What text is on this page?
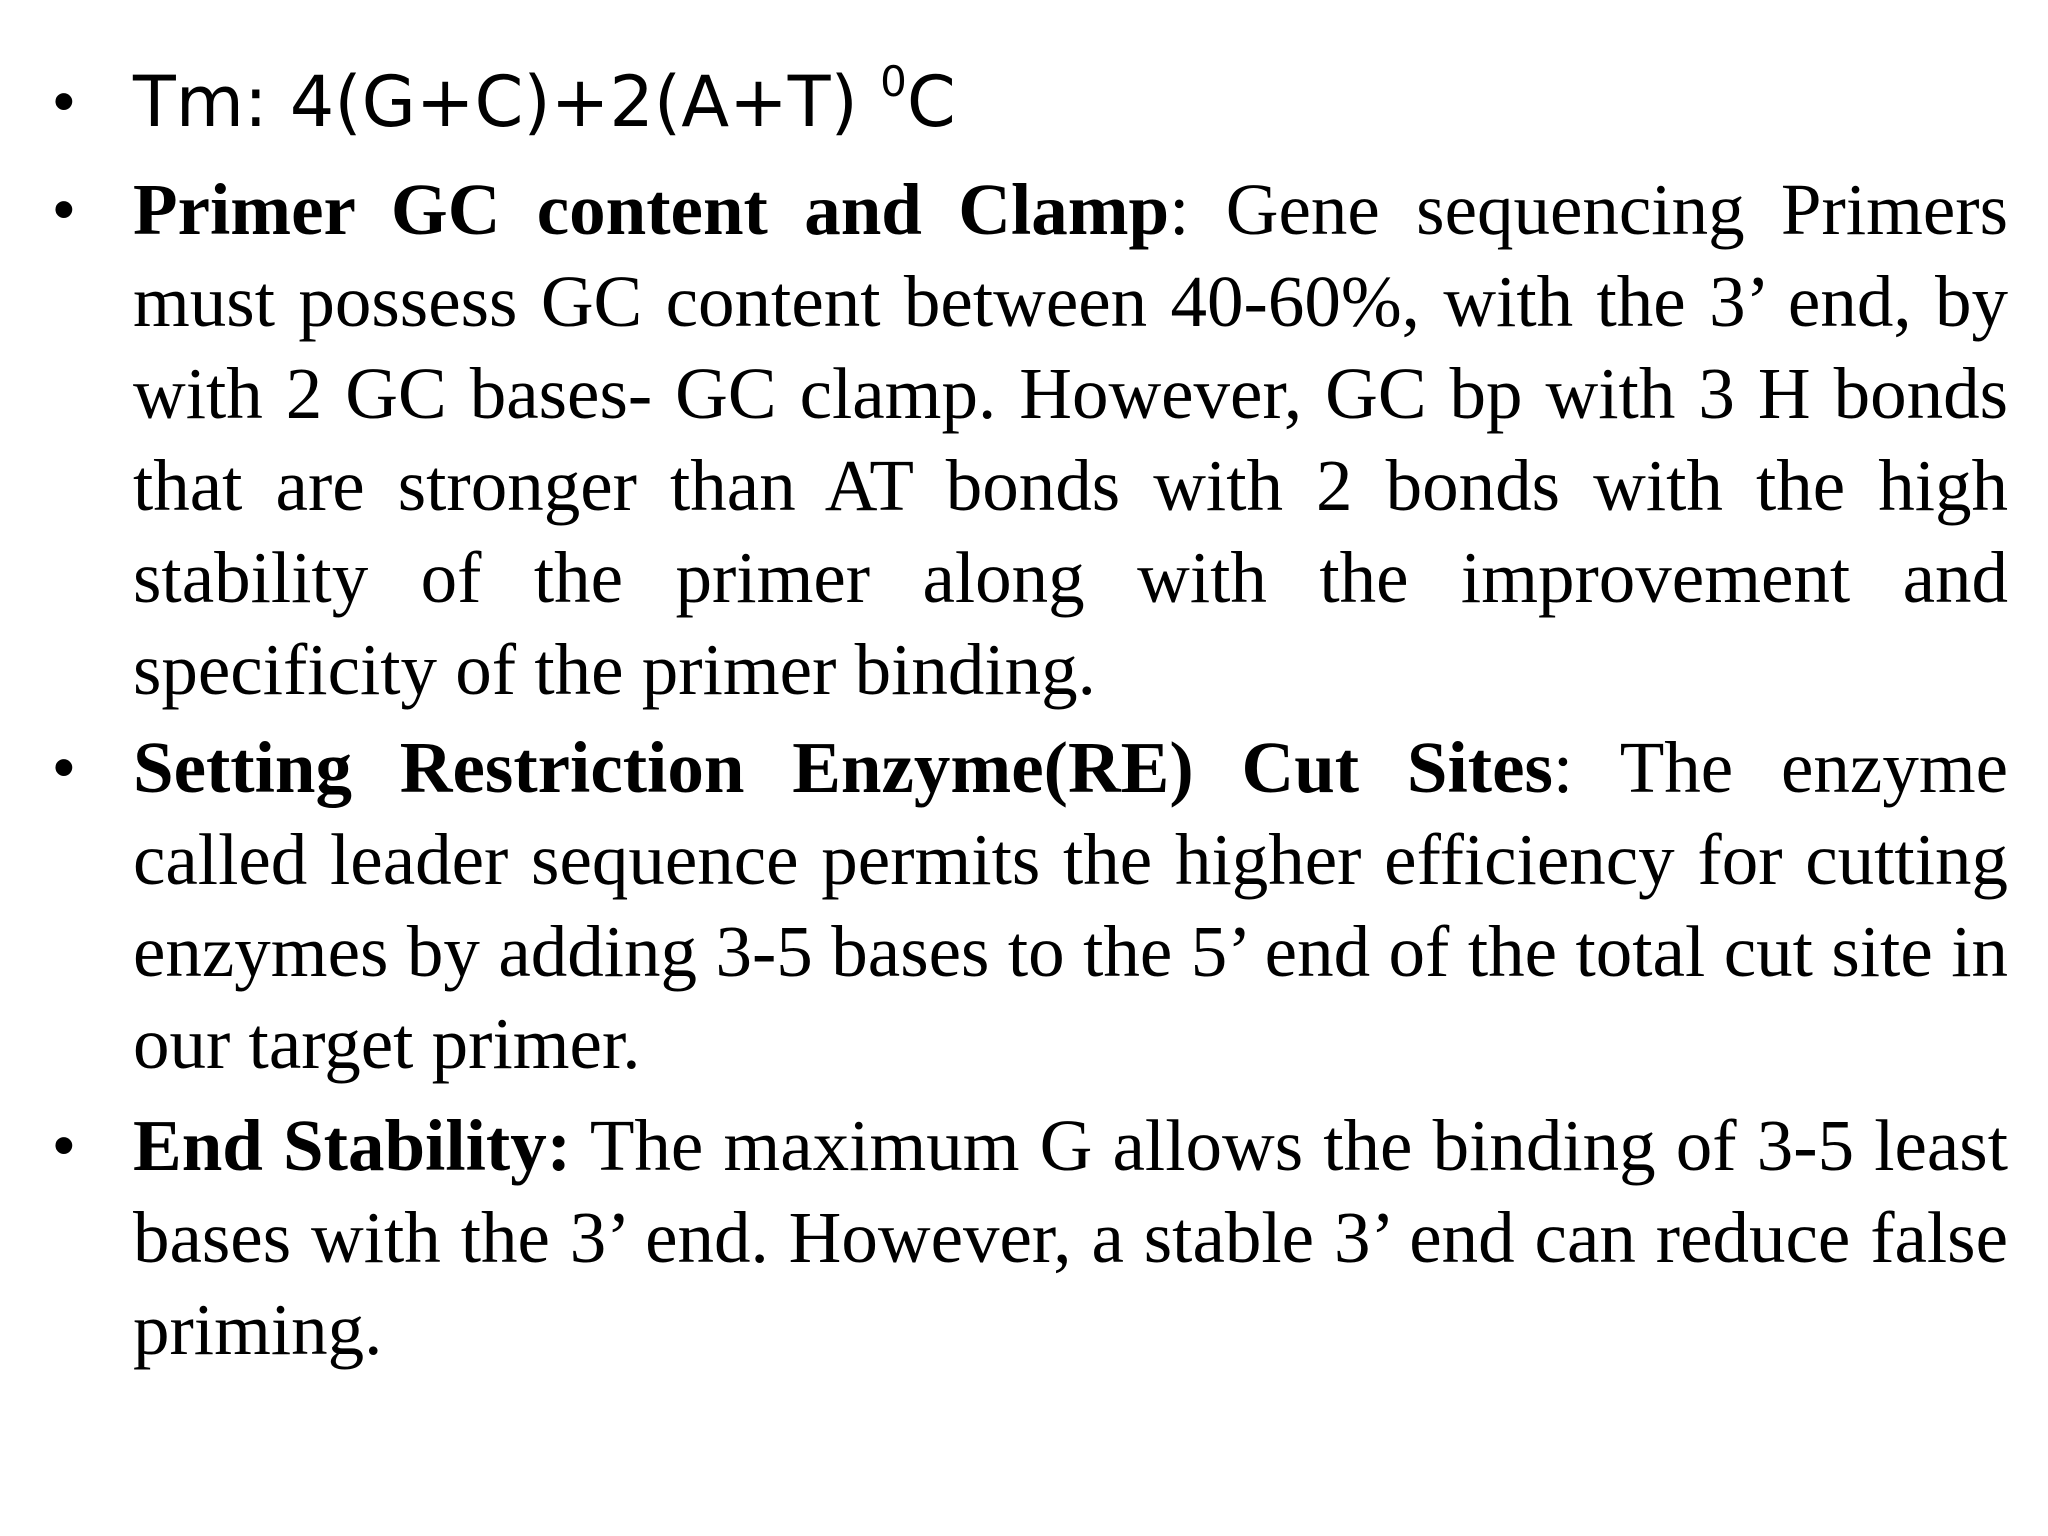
• Tm: 4(G+C)+2(A+T) $^0$C
• Primer GC content and Clamp: Gene sequencing Primers must possess GC content between 40-60%, with the 3’ end, by with 2 GC bases- GC clamp. However, GC bp with 3 H bonds that are stronger than AT bonds with 2 bonds with the high stability of the primer along with the improvement and specificity of the primer binding.
• Setting Restriction Enzyme(RE) Cut Sites: The enzyme called leader sequence permits the higher efficiency for cutting enzymes by adding 3-5 bases to the 5’ end of the total cut site in our target primer.
• End Stability: The maximum G allows the binding of 3-5 least bases with the 3’ end. However, a stable 3’ end can reduce false priming.
